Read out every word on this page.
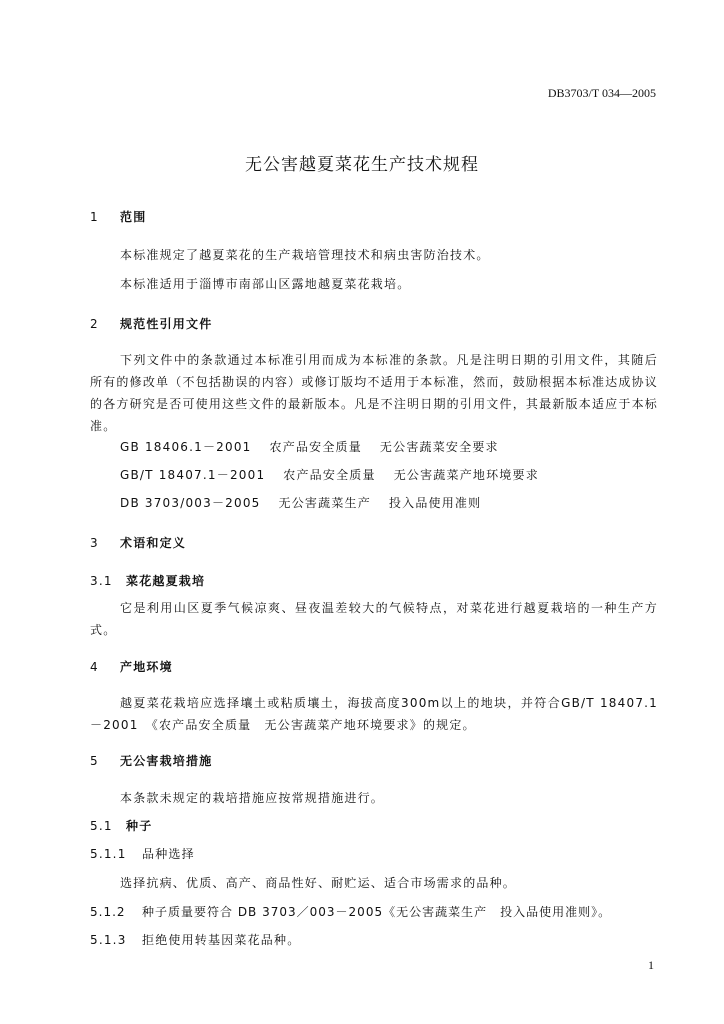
DB3703/T 034—2005
无公害越夏菜花生产技术规程
1 范围
本标准规定了越夏菜花的生产栽培管理技术和病虫害防治技术。
本标准适用于淄博市南部山区露地越夏菜花栽培。
2 规范性引用文件
下列文件中的条款通过本标准引用而成为本标准的条款。凡是注明日期的引用文件，其随后所有的修改单（不包括勘误的内容）或修订版均不适用于本标准，然而，鼓励根据本标准达成协议的各方研究是否可使用这些文件的最新版本。凡是不注明日期的引用文件，其最新版本适应于本标准。
GB 18406.1－2001 农产品安全质量 无公害蔬菜安全要求
GB/T 18407.1－2001 农产品安全质量 无公害蔬菜产地环境要求
DB 3703/003－2005 无公害蔬菜生产 投入品使用准则
3 术语和定义
3.1 菜花越夏栽培
它是利用山区夏季气候凉爽、昼夜温差较大的气候特点，对菜花进行越夏栽培的一种生产方式。
4 产地环境
越夏菜花栽培应选择壤土或粘质壤土，海拔高度300m以上的地块，并符合GB/T 18407.1－2001　《农产品安全质量　无公害蔬菜产地环境要求》的规定。
5 无公害栽培措施
本条款未规定的栽培措施应按常规措施进行。
5.1 种子
5.1.1 品种选择
选择抗病、优质、高产、商品性好、耐贮运、适合市场需求的品种。
5.1.2 种子质量要符合 DB 3703／003－2005《无公害蔬菜生产　投入品使用准则》。
5.1.3 拒绝使用转基因菜花品种。
1
